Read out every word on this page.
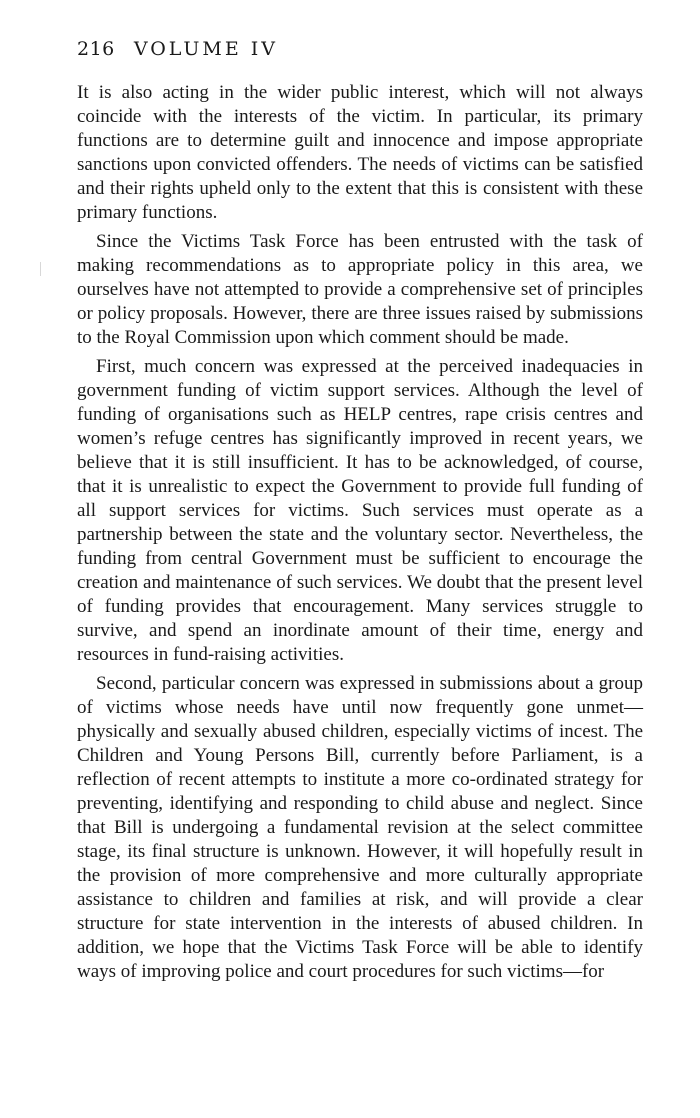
216 VOLUME IV

It is also acting in the wider public interest, which will not always coincide with the interests of the victim. In particular, its primary functions are to determine guilt and innocence and impose appropriate sanctions upon convicted offenders. The needs of victims can be satisfied and their rights upheld only to the extent that this is consistent with these primary functions.

Since the Victims Task Force has been entrusted with the task of making recommendations as to appropriate policy in this area, we ourselves have not attempted to provide a comprehensive set of principles or policy proposals. However, there are three issues raised by submissions to the Royal Commission upon which comment should be made.

First, much concern was expressed at the perceived inadequacies in government funding of victim support services. Although the level of funding of organisations such as HELP centres, rape crisis centres and women’s refuge centres has significantly improved in recent years, we believe that it is still insufficient. It has to be acknowledged, of course, that it is unrealistic to expect the Government to provide full funding of all support services for victims. Such services must operate as a partnership between the state and the voluntary sector. Nevertheless, the funding from central Government must be sufficient to encourage the creation and maintenance of such services. We doubt that the present level of funding provides that encouragement. Many services struggle to survive, and spend an inordinate amount of their time, energy and resources in fund-raising activities.

Second, particular concern was expressed in submissions about a group of victims whose needs have until now frequently gone unmet—physically and sexually abused children, especially victims of incest. The Children and Young Persons Bill, currently before Parliament, is a reflection of recent attempts to institute a more co-ordinated strategy for preventing, identifying and responding to child abuse and neglect. Since that Bill is undergoing a fundamental revision at the select committee stage, its final structure is unknown. However, it will hopefully result in the provision of more comprehensive and more culturally appropriate assistance to children and families at risk, and will provide a clear structure for state intervention in the interests of abused children. In addition, we hope that the Victims Task Force will be able to identify ways of improving police and court procedures for such victims—for
